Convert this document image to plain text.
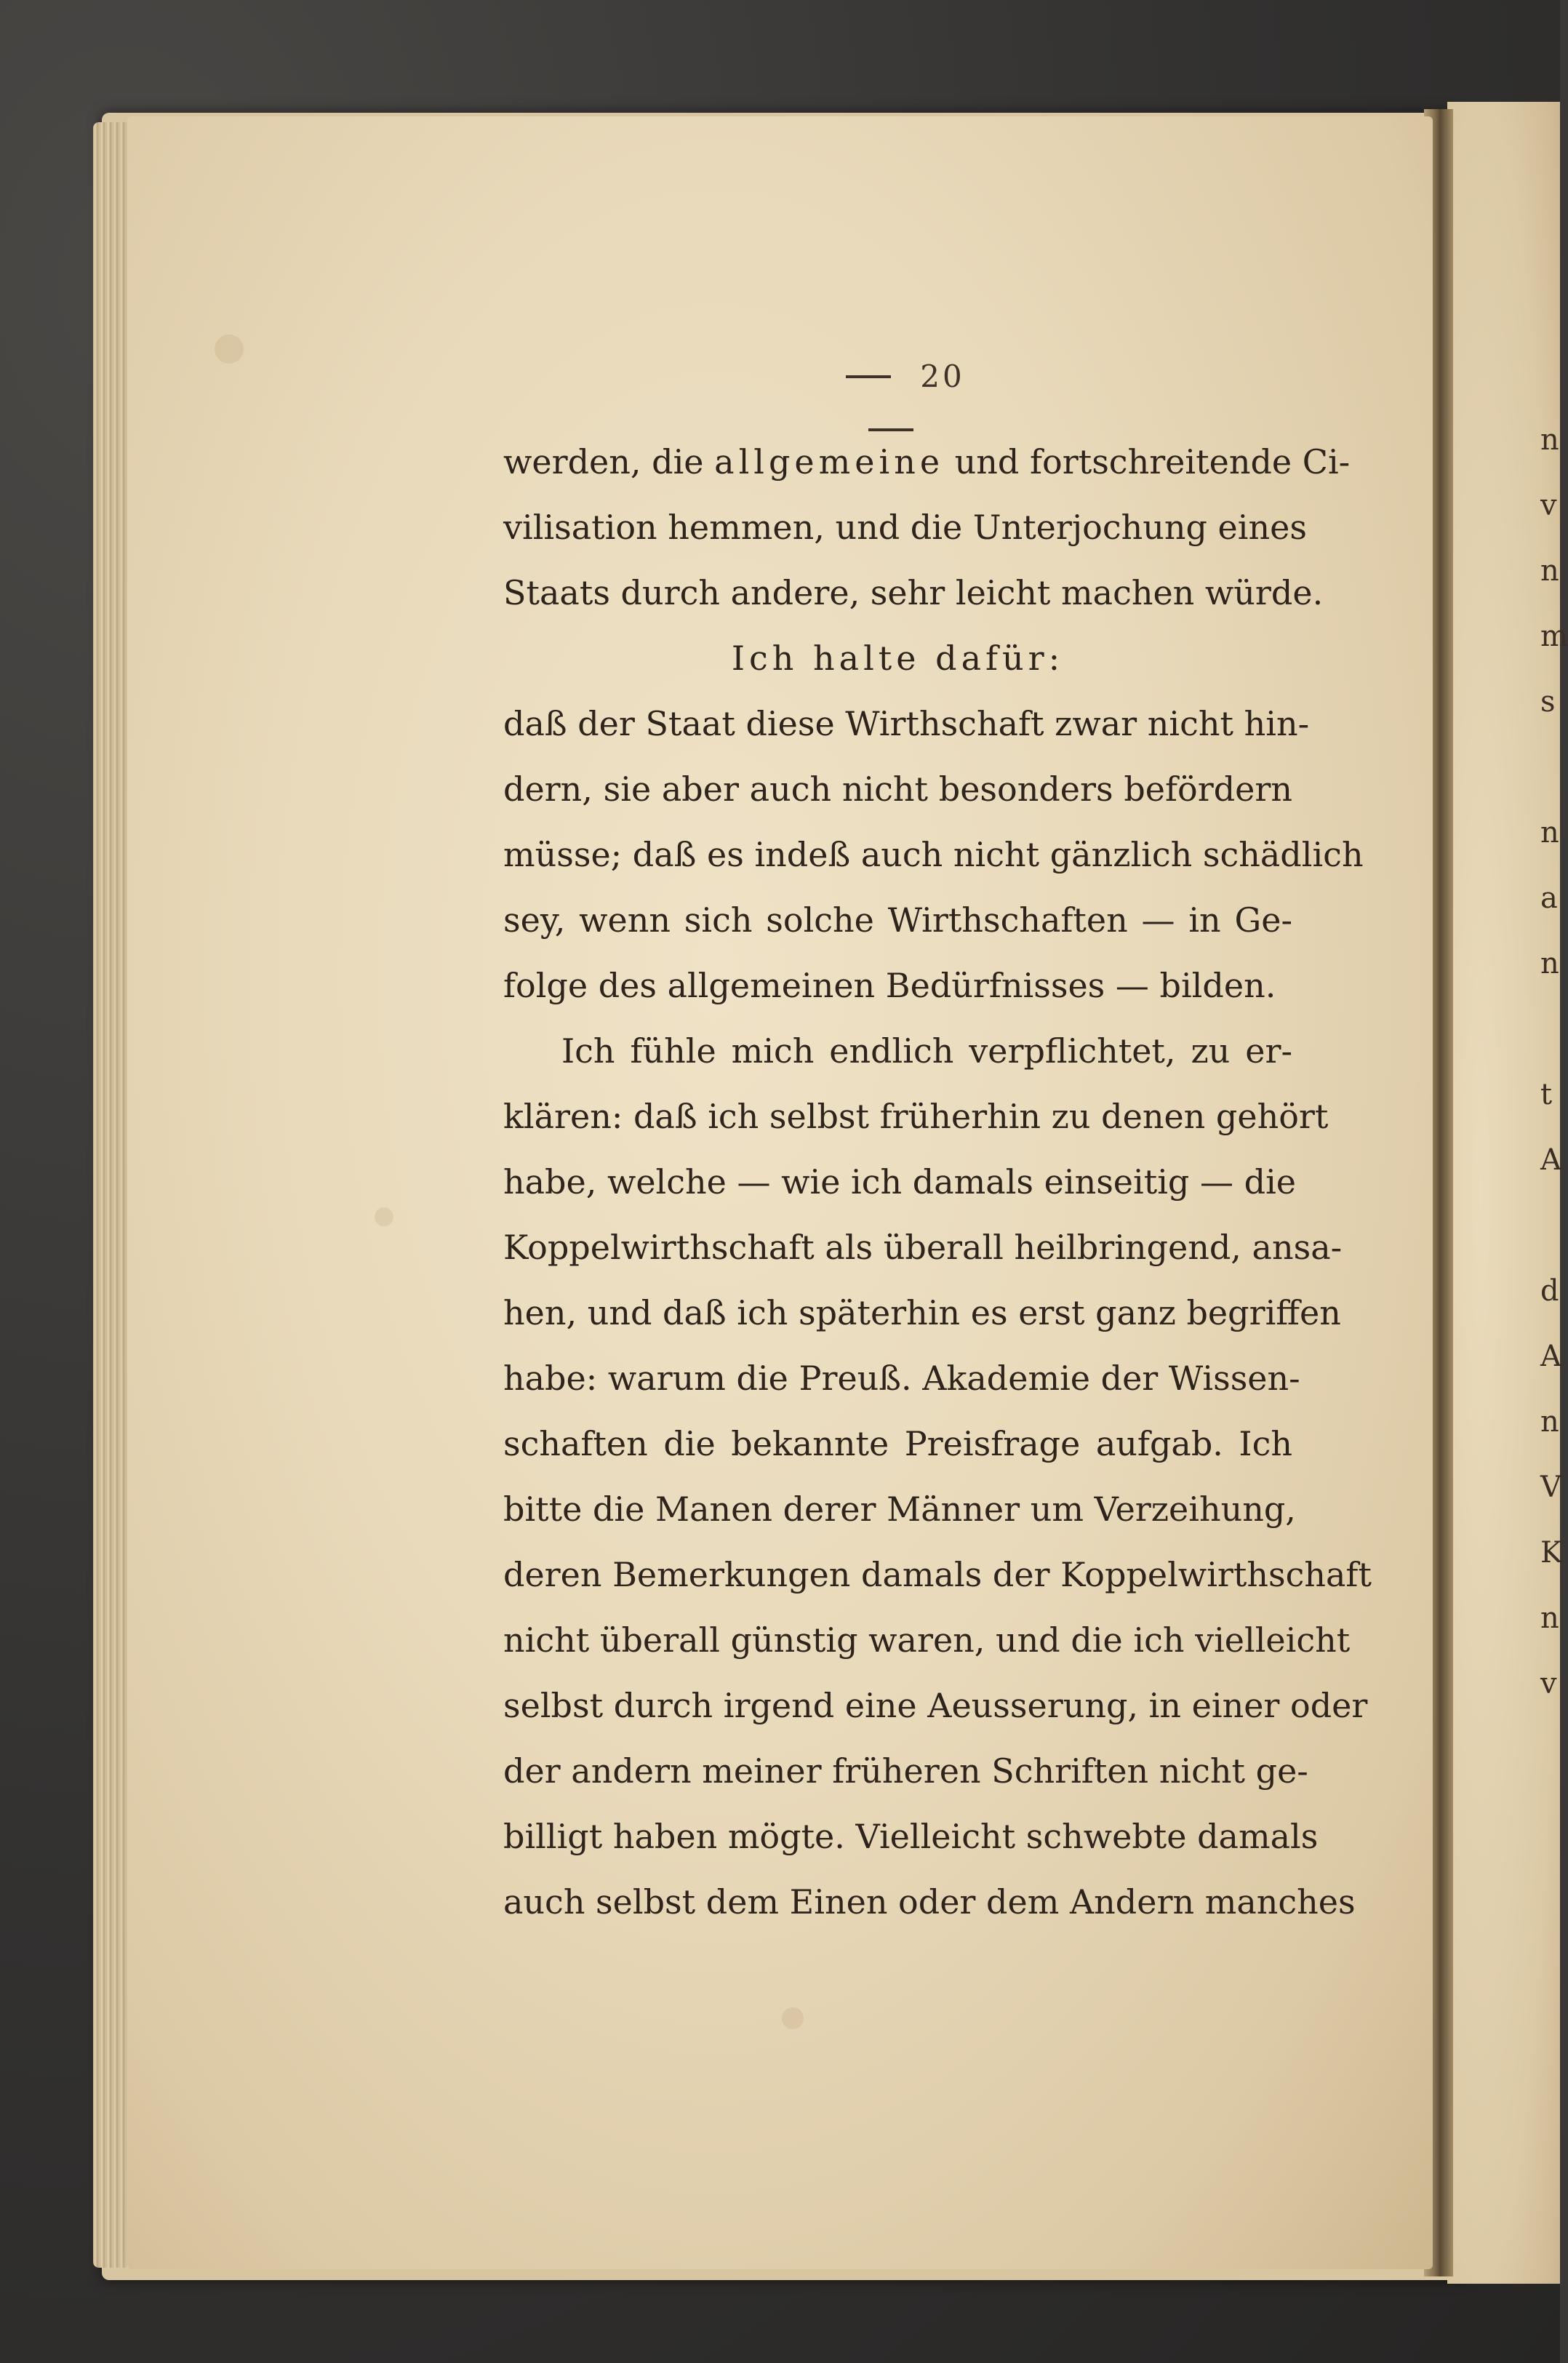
n
v
n
m
s

n
a
n

t
A

d
A
n
V
K
n
v
20
werden, die allgemeine und fortschreitende Ci-
vilisation hemmen, und die Unterjochung eines
Staats durch andere, sehr leicht machen würde.
Ich halte dafür:
daß der Staat diese Wirthschaft zwar nicht hin-
dern, sie aber auch nicht besonders befördern
müsse; daß es indeß auch nicht gänzlich schädlich
sey, wenn sich solche Wirthschaften — in Ge-
folge des allgemeinen Bedürfnisses — bilden.
Ich fühle mich endlich verpflichtet, zu er-
klären: daß ich selbst früherhin zu denen gehört
habe, welche — wie ich damals einseitig — die
Koppelwirthschaft als überall heilbringend, ansa-
hen, und daß ich späterhin es erst ganz begriffen
habe: warum die Preuß. Akademie der Wissen-
schaften die bekannte Preisfrage aufgab. Ich
bitte die Manen derer Männer um Verzeihung,
deren Bemerkungen damals der Koppelwirthschaft
nicht überall günstig waren, und die ich vielleicht
selbst durch irgend eine Aeusserung, in einer oder
der andern meiner früheren Schriften nicht ge-
billigt haben mögte. Vielleicht schwebte damals
auch selbst dem Einen oder dem Andern manches
